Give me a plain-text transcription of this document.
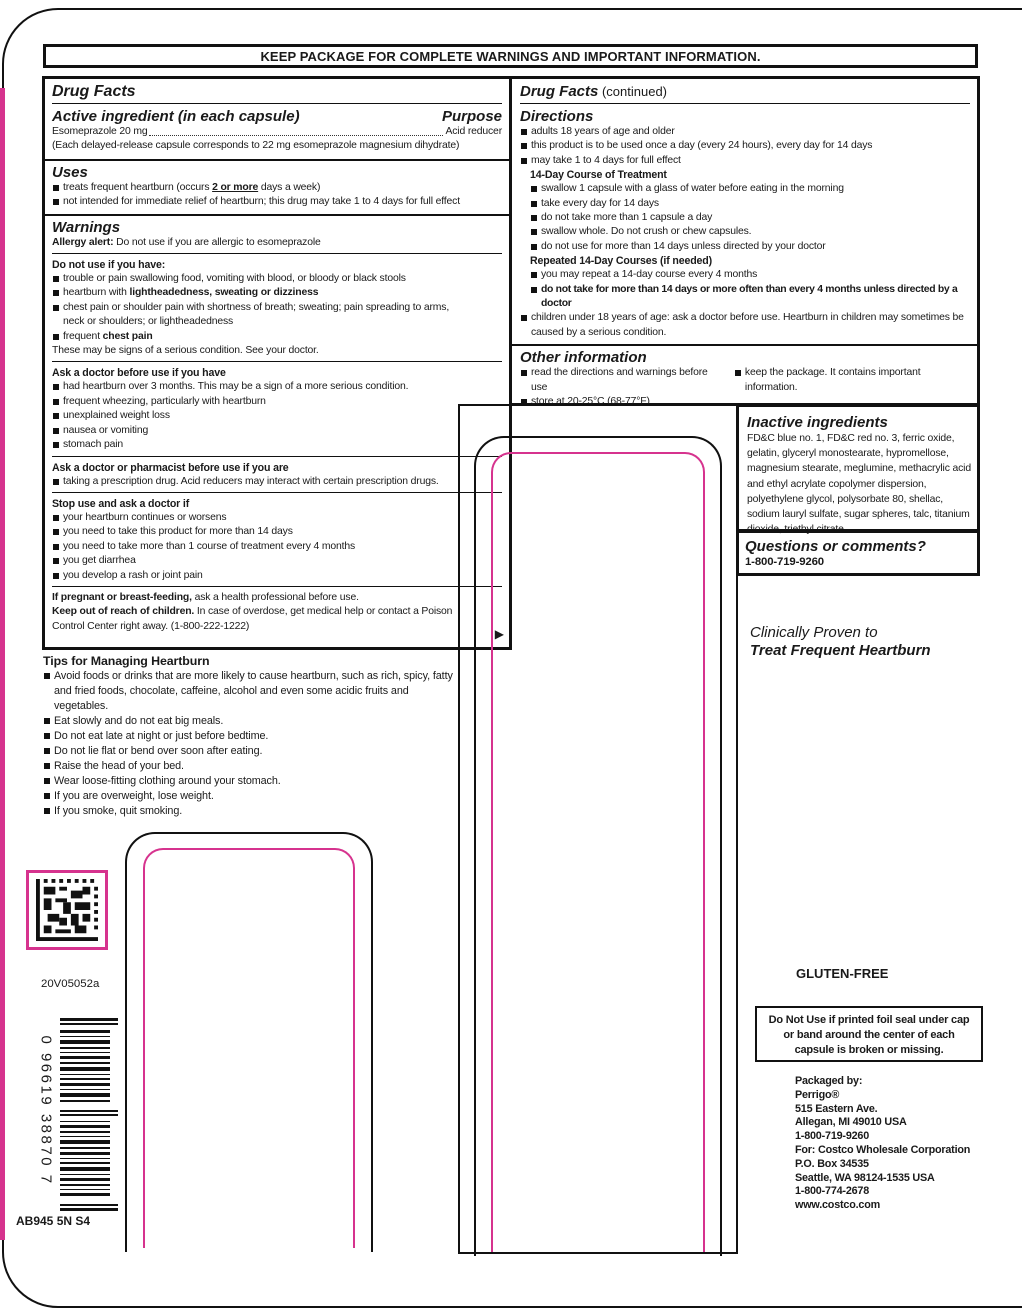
KEEP PACKAGE FOR COMPLETE WARNINGS AND IMPORTANT INFORMATION.
Drug Facts
Active ingredient (in each capsule)	Purpose
Esomeprazole 20 mg	Acid reducer
(Each delayed-release capsule corresponds to 22 mg esomeprazole magnesium dihydrate)
Uses
treats frequent heartburn (occurs 2 or more days a week)
not intended for immediate relief of heartburn; this drug may take 1 to 4 days for full effect
Warnings
Allergy alert: Do not use if you are allergic to esomeprazole
Do not use if you have:
trouble or pain swallowing food, vomiting with blood, or bloody or black stools
heartburn with lightheadedness, sweating or dizziness
chest pain or shoulder pain with shortness of breath; sweating; pain spreading to arms, neck or shoulders; or lightheadedness
frequent chest pain
These may be signs of a serious condition. See your doctor.
Ask a doctor before use if you have
had heartburn over 3 months. This may be a sign of a more serious condition.
frequent wheezing, particularly with heartburn
unexplained weight loss
nausea or vomiting
stomach pain
Ask a doctor or pharmacist before use if you are
taking a prescription drug. Acid reducers may interact with certain prescription drugs.
Stop use and ask a doctor if
your heartburn continues or worsens
you need to take this product for more than 14 days
you need to take more than 1 course of treatment every 4 months
you get diarrhea
you develop a rash or joint pain
If pregnant or breast-feeding, ask a health professional before use.
Keep out of reach of children. In case of overdose, get medical help or contact a Poison Control Center right away. (1-800-222-1222)
▶
Drug Facts (continued)
Directions
adults 18 years of age and older
this product is to be used once a day (every 24 hours), every day for 14 days
may take 1 to 4 days for full effect
14-Day Course of Treatment
swallow 1 capsule with a glass of water before eating in the morning
take every day for 14 days
do not take more than 1 capsule a day
swallow whole. Do not crush or chew capsules.
do not use for more than 14 days unless directed by your doctor
Repeated 14-Day Courses (if needed)
you may repeat a 14-day course every 4 months
do not take for more than 14 days or more often than every 4 months unless directed by a doctor
children under 18 years of age: ask a doctor before use. Heartburn in children may sometimes be caused by a serious condition.
Other information
read the directions and warnings before use
keep the package. It contains important information.
store at 20-25°C (68-77°F)
Inactive ingredients
FD&C blue no. 1, FD&C red no. 3, ferric oxide, gelatin, glyceryl monostearate, hypromellose, magnesium stearate, meglumine, methacrylic acid and ethyl acrylate copolymer dispersion, polyethylene glycol, polysorbate 80, shellac, sodium lauryl sulfate, sugar spheres, talc, titanium dioxide, triethyl citrate
Questions or comments?
1-800-719-9260
Tips for Managing Heartburn
Avoid foods or drinks that are more likely to cause heartburn, such as rich, spicy, fatty and fried foods, chocolate, caffeine, alcohol and even some acidic fruits and vegetables.
Eat slowly and do not eat big meals.
Do not eat late at night or just before bedtime.
Do not lie flat or bend over soon after eating.
Raise the head of your bed.
Wear loose-fitting clothing around your stomach.
If you are overweight, lose weight.
If you smoke, quit smoking.
Clinically Proven to
Treat Frequent Heartburn
20V05052a
0 96619 38870 7
AB945 5N S4
GLUTEN-FREE
Do Not Use if printed foil seal under cap or band around the center of each capsule is broken or missing.
Packaged by:
Perrigo®
515 Eastern Ave.
Allegan, MI 49010 USA
1-800-719-9260
For: Costco Wholesale Corporation
P.O. Box 34535
Seattle, WA 98124-1535 USA
1-800-774-2678
www.costco.com
